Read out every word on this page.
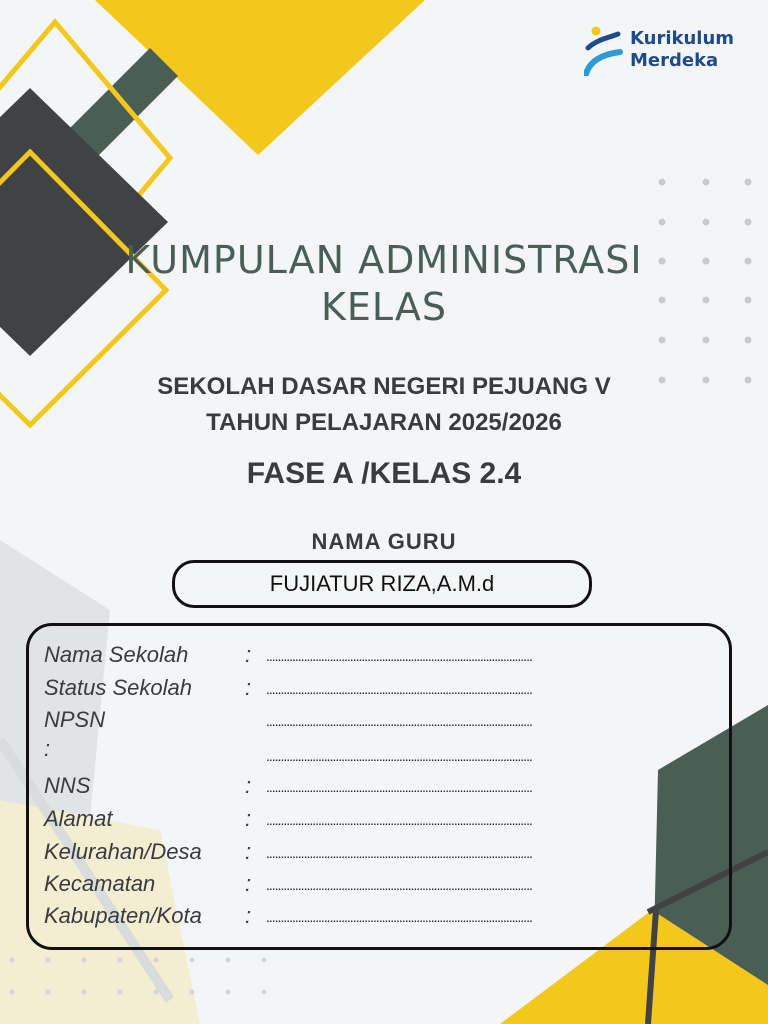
Kurikulum
Merdeka
KUMPULAN ADMINISTRASI
KELAS
SEKOLAH DASAR NEGERI PEJUANG V
TAHUN PELAJARAN 2025/2026
FASE A /KELAS 2.4
NAMA GURU
FUJIATUR RIZA,A.M.d
Nama Sekolah	: ............................................................................................
Status Sekolah : ............................................................................................
NPSN	............................................................................................
:	............................................................................................
NNS	: ............................................................................................
Alamat	: ............................................................................................
Kelurahan/Desa : ............................................................................................
Kecamatan	: ............................................................................................
Kabupaten/Kota : ............................................................................................
